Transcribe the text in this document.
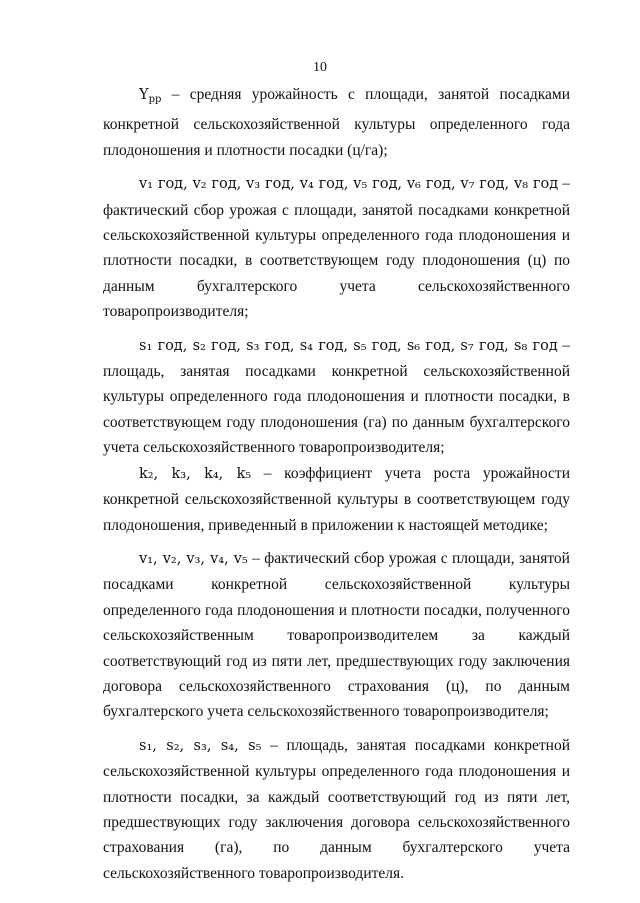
10

$Y_{рр}$ – средняя урожайность с площади, занятой посадками конкретной сельскохозяйственной культуры определенного года плодоношения и плотности посадки (ц/га);

v₁ год, v₂ год, v₃ год, v₄ год, v₅ год, v₆ год, v₇ год, v₈ год – фактический сбор урожая с площади, занятой посадками конкретной сельскохозяйственной культуры определенного года плодоношения и плотности посадки, в соответствующем году плодоношения (ц) по данным бухгалтерского учета сельскохозяйственного товаропроизводителя;

s₁ год, s₂ год, s₃ год, s₄ год, s₅ год, s₆ год, s₇ год, s₈ год – площадь, занятая посадками конкретной сельскохозяйственной культуры определенного года плодоношения и плотности посадки, в соответствующем году плодоношения (га) по данным бухгалтерского учета сельскохозяйственного товаропроизводителя;

k₂, k₃, k₄, k₅ – коэффициент учета роста урожайности конкретной сельскохозяйственной культуры в соответствующем году плодоношения, приведенный в приложении к настоящей методике;

v₁, v₂, v₃, v₄, v₅ – фактический сбор урожая с площади, занятой посадками конкретной сельскохозяйственной культуры определенного года плодоношения и плотности посадки, полученного сельскохозяйственным товаропроизводителем за каждый соответствующий год из пяти лет, предшествующих году заключения договора сельскохозяйственного страхования (ц), по данным бухгалтерского учета сельскохозяйственного товаропроизводителя;

s₁, s₂, s₃, s₄, s₅ – площадь, занятая посадками конкретной сельскохозяйственной культуры определенного года плодоношения и плотности посадки, за каждый соответствующий год из пяти лет, предшествующих году заключения договора сельскохозяйственного страхования (га), по данным бухгалтерского учета сельскохозяйственного товаропроизводителя.
